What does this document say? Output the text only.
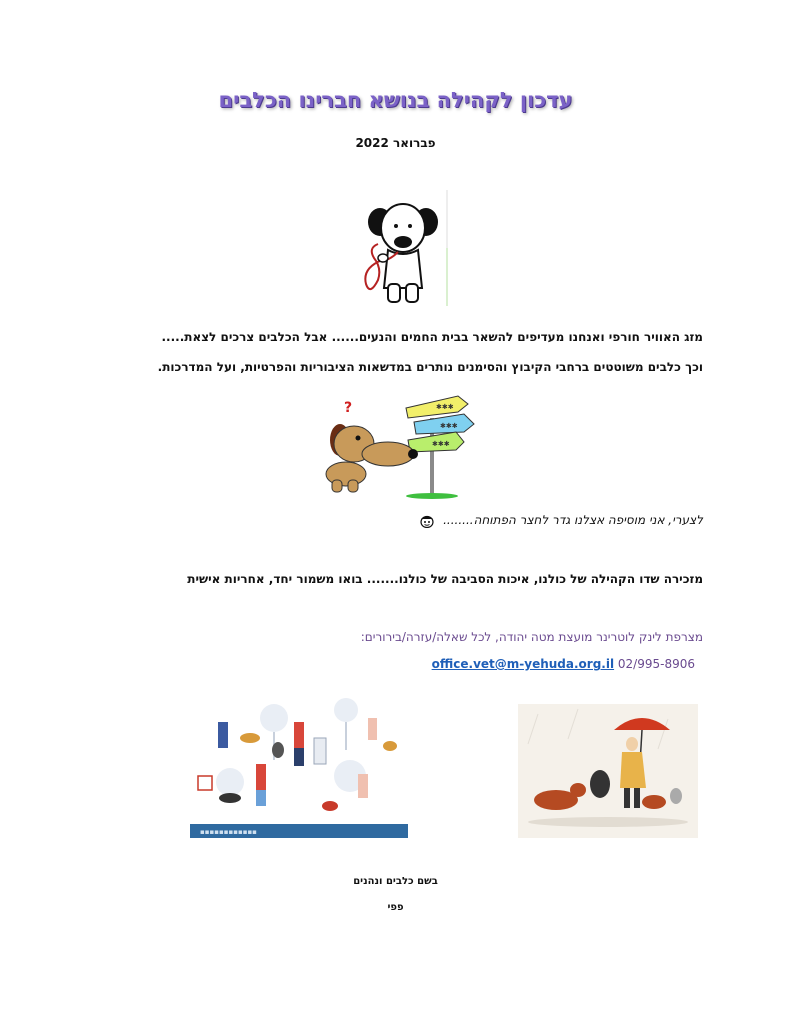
עדכון לקהילה בנושא חברינו הכלבים
פברואר 2022
מזג האוויר חורפי ואנחנו מעדיפים להשאר בבית החמים והנעים...... אבל הכלבים צרכים לצאת.....
וכך כלבים משוטטים ברחבי הקיבוץ והסימנים נותרים במדשאות הציבוריות והפרטיות, ועל המדרכות.
✱✱✱
✱✱✱
✱✱✱
?
לצערי, אני מוסיפה אצלנו גדר לחצר הפתוחה........
מזכירה שדו הקהילה של כולנו, איכות הסביבה של כולנו....... בואו משמור יחד, אחריות אישית
מצרפת לינק לוטרינר מועצת מטה יהודה, לכל שאלה/עזרה/בירורים:
office.vet@m-yehuda.org.il 02/995-8906
▪▪▪▪▪▪▪▪▪▪▪▪
בשם כלבים ונהנים
פפי
